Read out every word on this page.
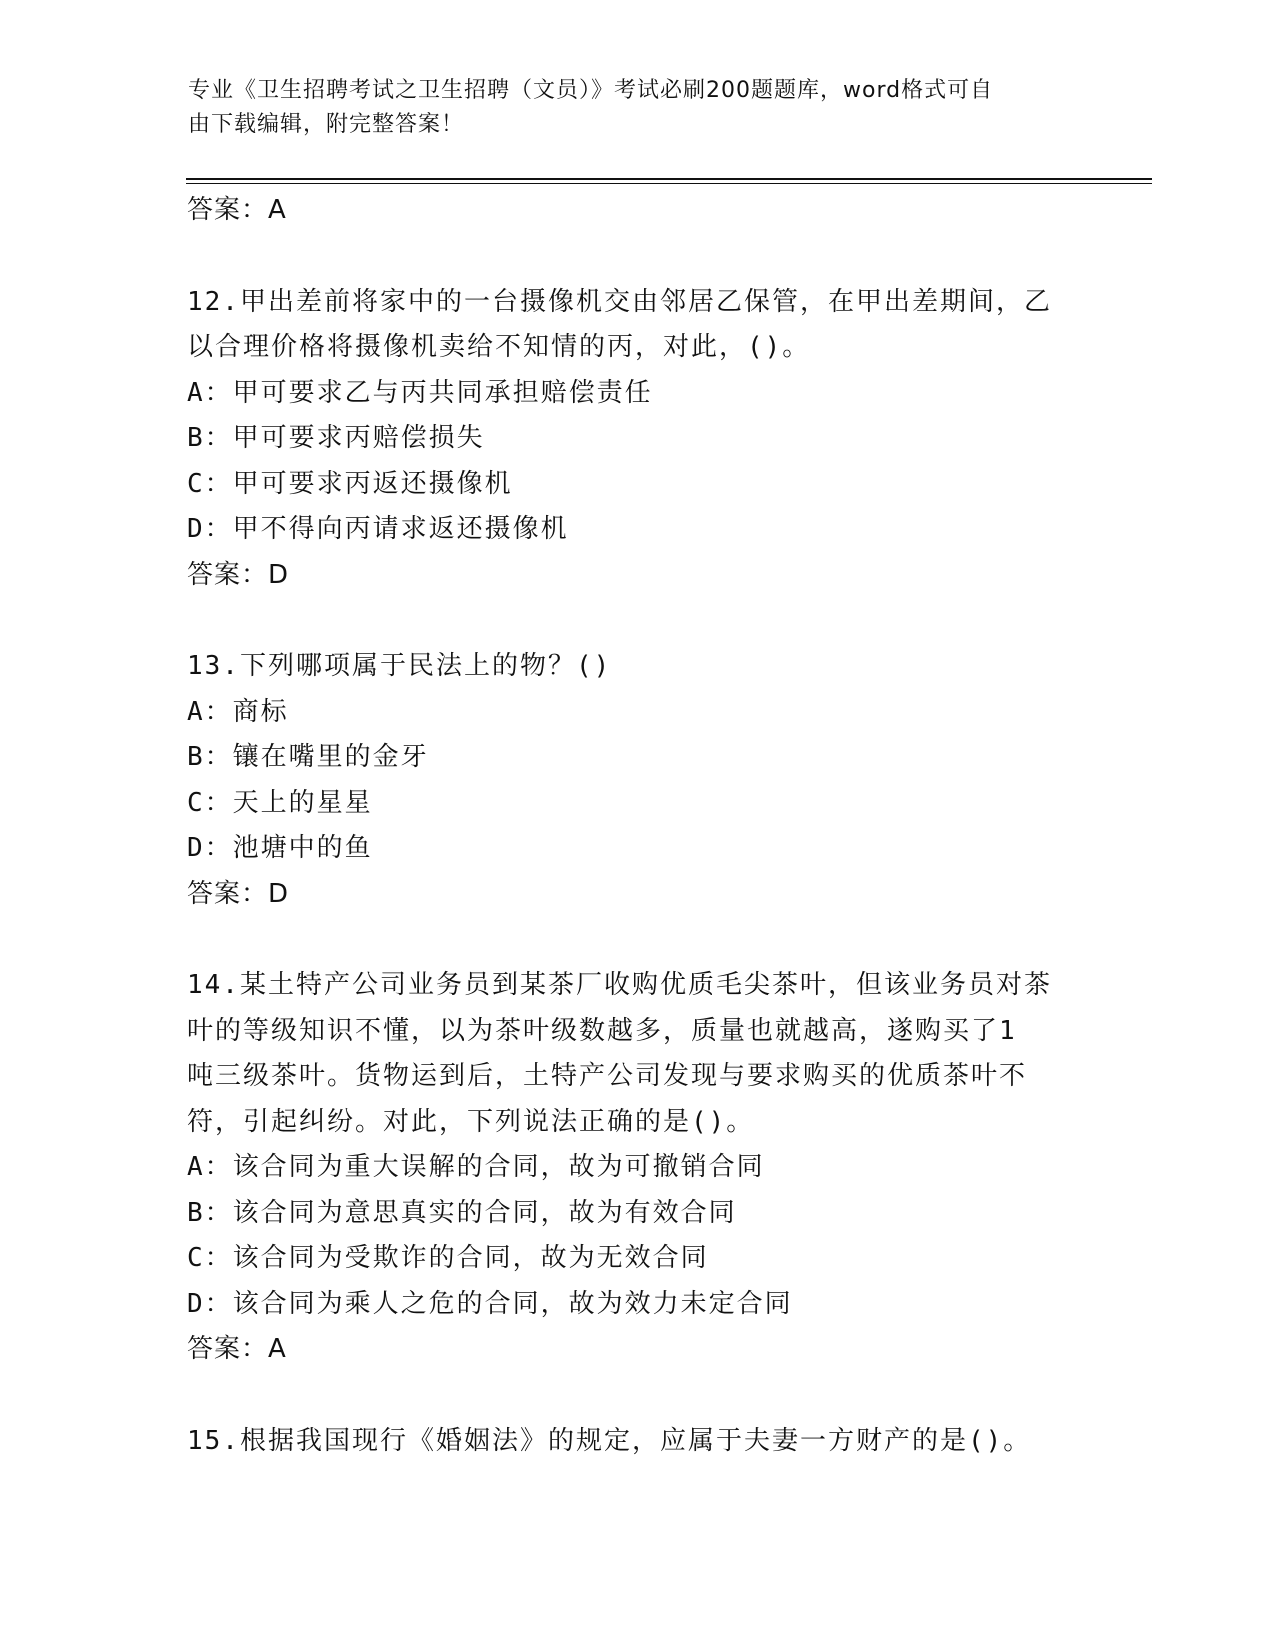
专业《卫生招聘考试之卫生招聘（文员）》考试必刷200题题库，word格式可自
由下载编辑，附完整答案！
答案：A
12.甲出差前将家中的一台摄像机交由邻居乙保管，在甲出差期间，乙
以合理价格将摄像机卖给不知情的丙，对此，()。
A：甲可要求乙与丙共同承担赔偿责任
B：甲可要求丙赔偿损失
C：甲可要求丙返还摄像机
D：甲不得向丙请求返还摄像机
答案：D
13.下列哪项属于民法上的物？()
A：商标
B：镶在嘴里的金牙
C：天上的星星
D：池塘中的鱼
答案：D
14.某土特产公司业务员到某茶厂收购优质毛尖茶叶，但该业务员对茶
叶的等级知识不懂，以为茶叶级数越多，质量也就越高，遂购买了1
吨三级茶叶。货物运到后，土特产公司发现与要求购买的优质茶叶不
符，引起纠纷。对此，下列说法正确的是()。
A：该合同为重大误解的合同，故为可撤销合同
B：该合同为意思真实的合同，故为有效合同
C：该合同为受欺诈的合同，故为无效合同
D：该合同为乘人之危的合同，故为效力未定合同
答案：A
15.根据我国现行《婚姻法》的规定，应属于夫妻一方财产的是()。
